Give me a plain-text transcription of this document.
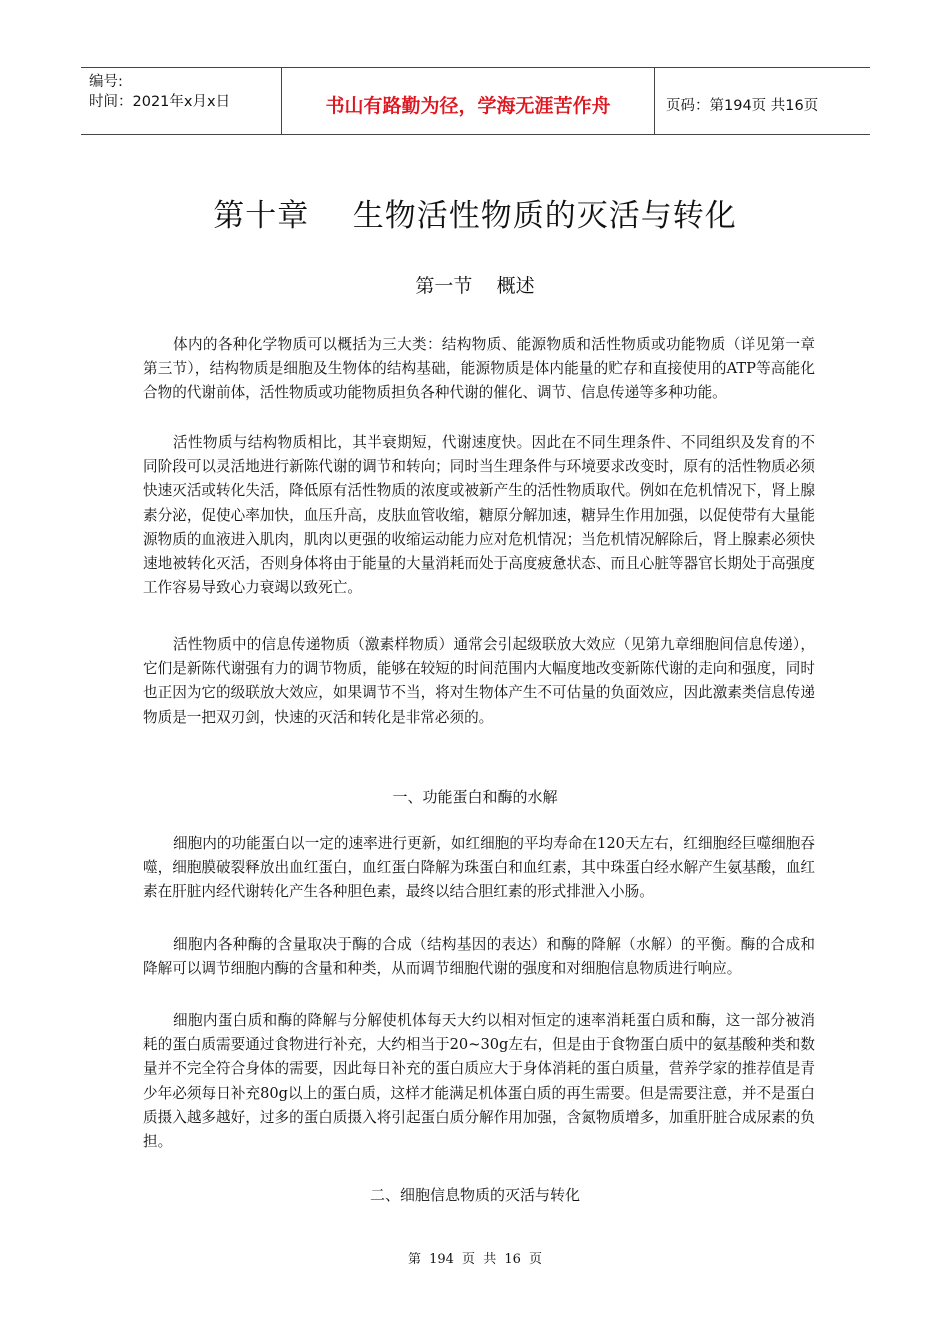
编号:
时间：2021年x月x日	书山有路勤为径，学海无涯苦作舟	页码：第194页 共16页
第十章    生物活性物质的灭活与转化
第一节    概述

体内的各种化学物质可以概括为三大类：结构物质、能源物质和活性物质或功能物质（详见第一章第三节），结构物质是细胞及生物体的结构基础，能源物质是体内能量的贮存和直接使用的ATP等高能化合物的代谢前体，活性物质或功能物质担负各种代谢的催化、调节、信息传递等多种功能。

活性物质与结构物质相比，其半衰期短，代谢速度快。因此在不同生理条件、不同组织及发育的不同阶段可以灵活地进行新陈代谢的调节和转向；同时当生理条件与环境要求改变时，原有的活性物质必须快速灭活或转化失活，降低原有活性物质的浓度或被新产生的活性物质取代。例如在危机情况下，肾上腺素分泌，促使心率加快，血压升高，皮肤血管收缩，糖原分解加速，糖异生作用加强，以促使带有大量能源物质的血液进入肌肉，肌肉以更强的收缩运动能力应对危机情况；当危机情况解除后，肾上腺素必须快速地被转化灭活，否则身体将由于能量的大量消耗而处于高度疲惫状态、而且心脏等器官长期处于高强度工作容易导致心力衰竭以致死亡。

活性物质中的信息传递物质（激素样物质）通常会引起级联放大效应（见第九章细胞间信息传递），它们是新陈代谢强有力的调节物质，能够在较短的时间范围内大幅度地改变新陈代谢的走向和强度，同时也正因为它的级联放大效应，如果调节不当，将对生物体产生不可估量的负面效应，因此激素类信息传递物质是一把双刃剑，快速的灭活和转化是非常必须的。

一、功能蛋白和酶的水解

细胞内的功能蛋白以一定的速率进行更新，如红细胞的平均寿命在120天左右，红细胞经巨噬细胞吞噬，细胞膜破裂释放出血红蛋白，血红蛋白降解为珠蛋白和血红素，其中珠蛋白经水解产生氨基酸，血红素在肝脏内经代谢转化产生各种胆色素，最终以结合胆红素的形式排泄入小肠。

细胞内各种酶的含量取决于酶的合成（结构基因的表达）和酶的降解（水解）的平衡。酶的合成和降解可以调节细胞内酶的含量和种类，从而调节细胞代谢的强度和对细胞信息物质进行响应。

细胞内蛋白质和酶的降解与分解使机体每天大约以相对恒定的速率消耗蛋白质和酶，这一部分被消耗的蛋白质需要通过食物进行补充，大约相当于20~30g左右，但是由于食物蛋白质中的氨基酸种类和数量并不完全符合身体的需要，因此每日补充的蛋白质应大于身体消耗的蛋白质量，营养学家的推荐值是青少年必须每日补充80g以上的蛋白质，这样才能满足机体蛋白质的再生需要。但是需要注意，并不是蛋白质摄入越多越好，过多的蛋白质摄入将引起蛋白质分解作用加强，含氮物质增多，加重肝脏合成尿素的负担。

二、细胞信息物质的灭活与转化
第 194 页 共 16 页
